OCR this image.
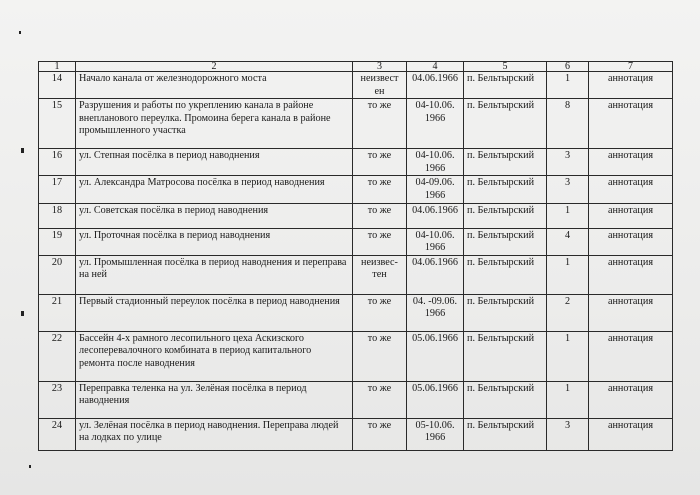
1	2	3	4	5	6	7
14	Начало канала от железнодорожного моста	неизвест ен	04.06.1966	п. Бельтырский	1	аннотация
15	Разрушения и работы по укреплению канала в районе внепланового переулка. Промоина берега канала в районе промышленного участка	то же	04-10.06. 1966	п. Бельтырский	8	аннотация
16	ул. Степная посёлка в период наводнения	то же	04-10.06. 1966	п. Бельтырский	3	аннотация
17	ул. Александра Матросова посёлка в период наводнения	то же	04-09.06. 1966	п. Бельтырский	3	аннотация
18	ул. Советская посёлка в период наводнения	то же	04.06.1966	п. Бельтырский	1	аннотация
19	ул. Проточная посёлка в период наводнения	то же	04-10.06. 1966	п. Бельтырский	4	аннотация
20	ул. Промышленная посёлка в период наводнения и переправа на ней	неизвес-тен	04.06.1966	п. Бельтырский	1	аннотация
21	Первый стадионный переулок посёлка в период наводнения	то же	04. -09.06. 1966	п. Бельтырский	2	аннотация
22	Бассейн 4-х рамного лесопильного цеха Аскизского лесоперевалочного комбината в период капитального ремонта после наводнения	то же	05.06.1966	п. Бельтырский	1	аннотация
23	Переправка теленка на ул. Зелёная посёлка в период наводнения	то же	05.06.1966	п. Бельтырский	1	аннотация
24	ул. Зелёная посёлка в период наводнения. Переправа людей на лодках по улице	то же	05-10.06. 1966	п. Бельтырский	3	аннотация
